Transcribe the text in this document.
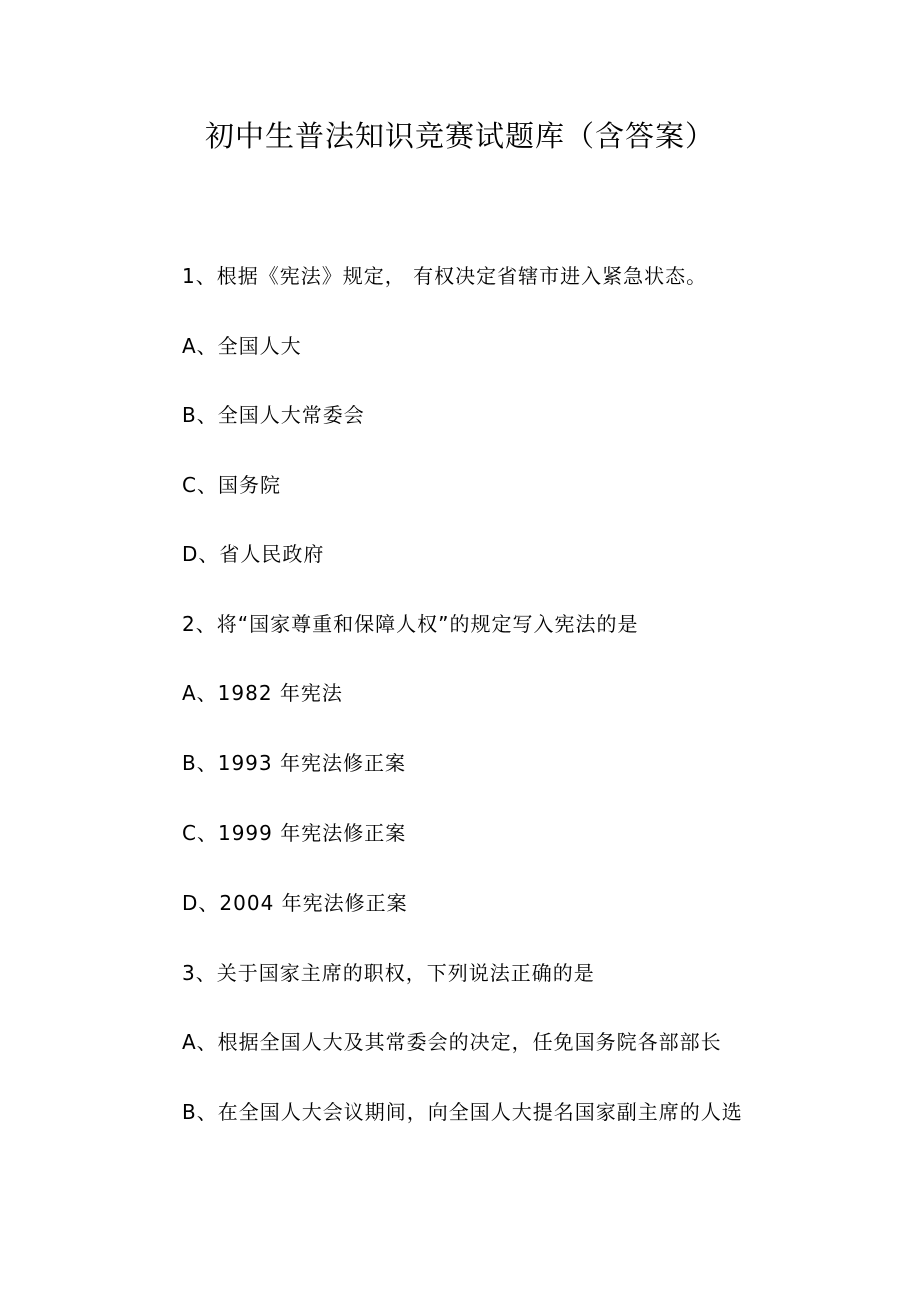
初中生普法知识竞赛试题库（含答案）
1、根据《宪法》规定， 有权决定省辖市进入紧急状态。
A、全国人大
B、全国人大常委会
C、国务院
D、省人民政府
2、将“国家尊重和保障人权”的规定写入宪法的是
A、1982 年宪法
B、1993 年宪法修正案
C、1999 年宪法修正案
D、2004 年宪法修正案
3、关于国家主席的职权，下列说法正确的是
A、根据全国人大及其常委会的决定，任免国务院各部部长
B、在全国人大会议期间，向全国人大提名国家副主席的人选
